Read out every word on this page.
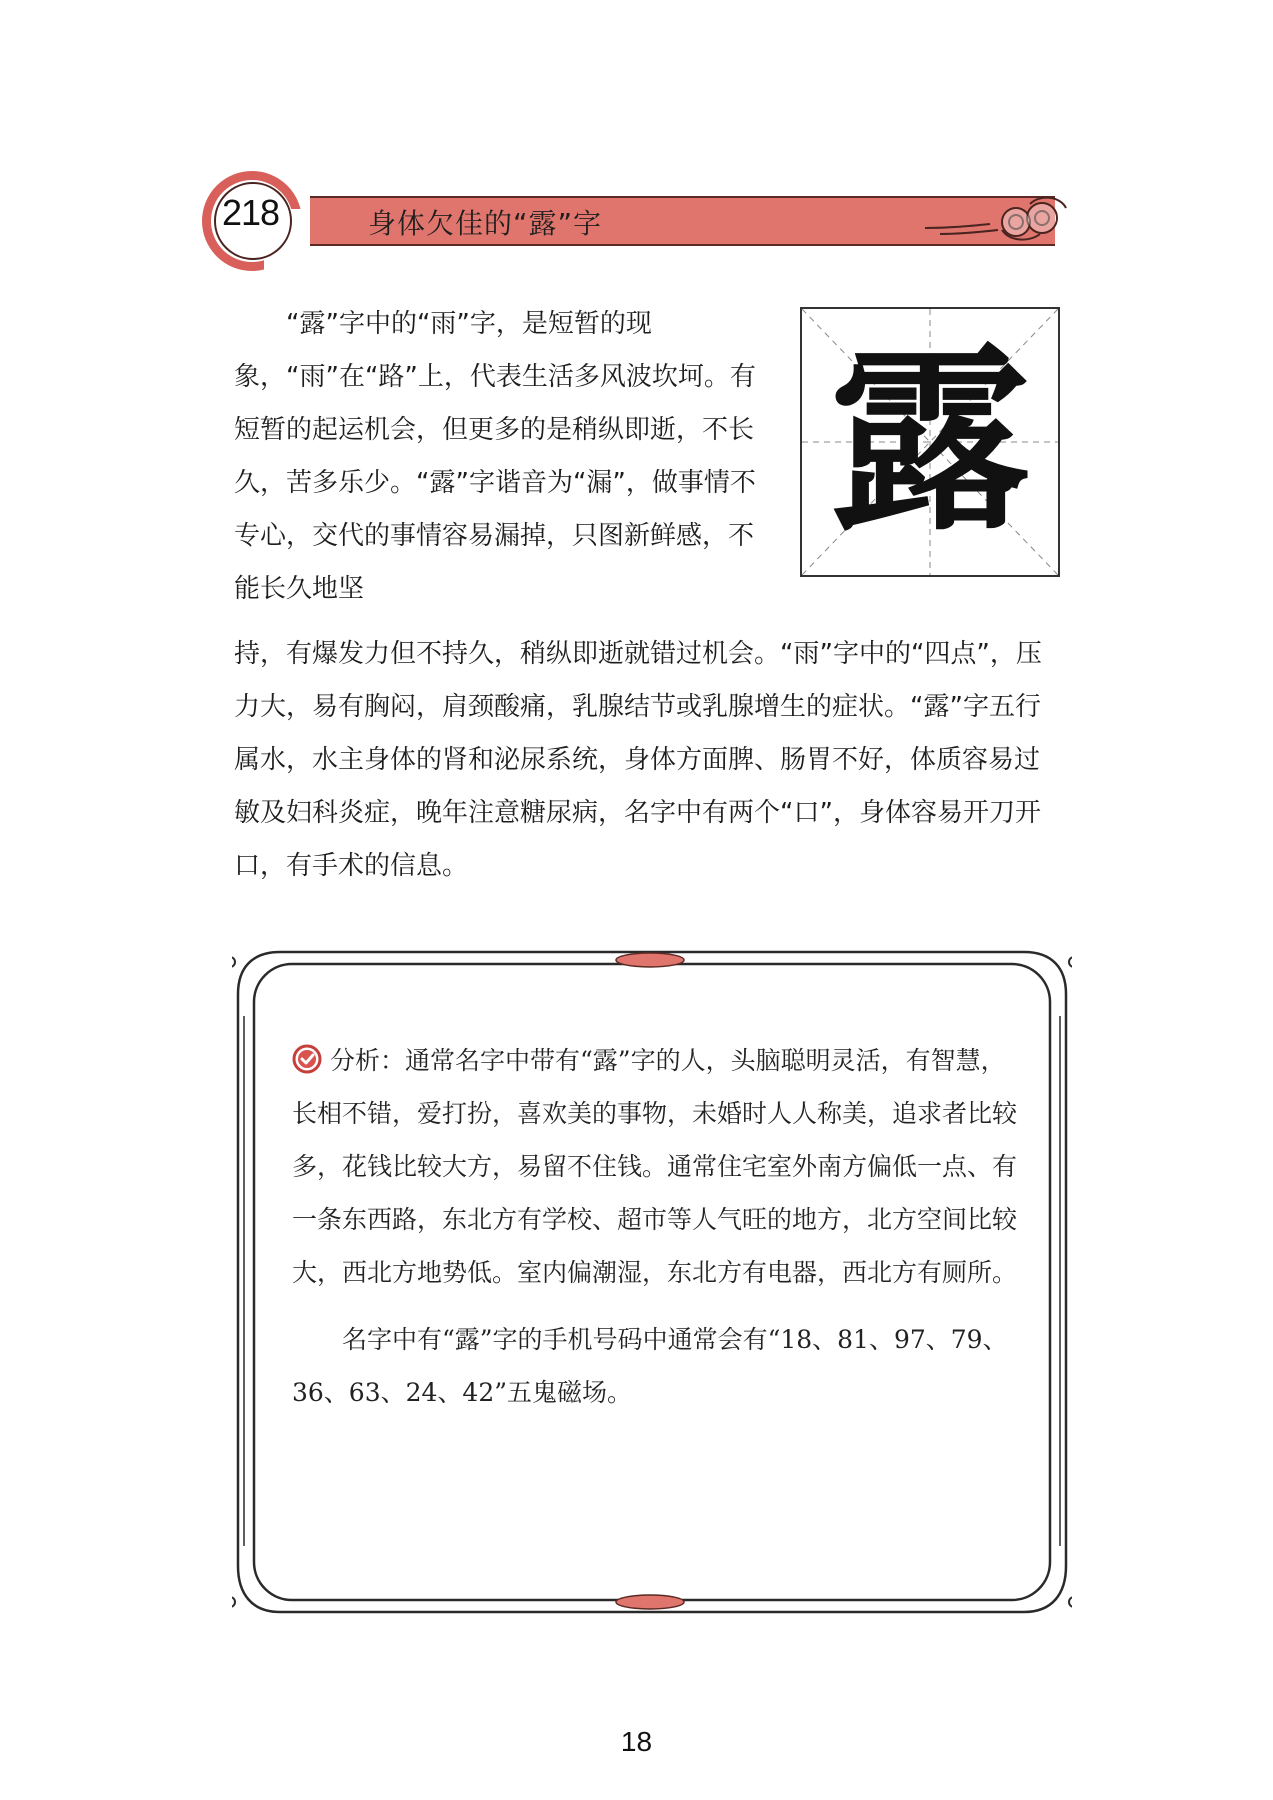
218	身体欠佳的“露”字

“露”字中的“雨”字，是短暂的现象，“雨”在“路”上，代表生活多风波坎坷。有短暂的起运机会，但更多的是稍纵即逝，不长久，苦多乐少。“露”字谐音为“漏”，做事情不专心，交代的事情容易漏掉，只图新鲜感，不能长久地坚

露

持，有爆发力但不持久，稍纵即逝就错过机会。“雨”字中的“四点”，压力大，易有胸闷，肩颈酸痛，乳腺结节或乳腺增生的症状。“露”字五行属水，水主身体的肾和泌尿系统，身体方面脾、肠胃不好，体质容易过敏及妇科炎症，晚年注意糖尿病，名字中有两个“口”，身体容易开刀开口，有手术的信息。

分析：通常名字中带有“露”字的人，头脑聪明灵活，有智慧，长相不错，爱打扮，喜欢美的事物，未婚时人人称美，追求者比较多，花钱比较大方，易留不住钱。通常住宅室外南方偏低一点、有一条东西路，东北方有学校、超市等人气旺的地方，北方空间比较大，西北方地势低。室内偏潮湿，东北方有电器，西北方有厕所。

名字中有“露”字的手机号码中通常会有“18、81、97、79、36、63、24、42”五鬼磁场。

18
